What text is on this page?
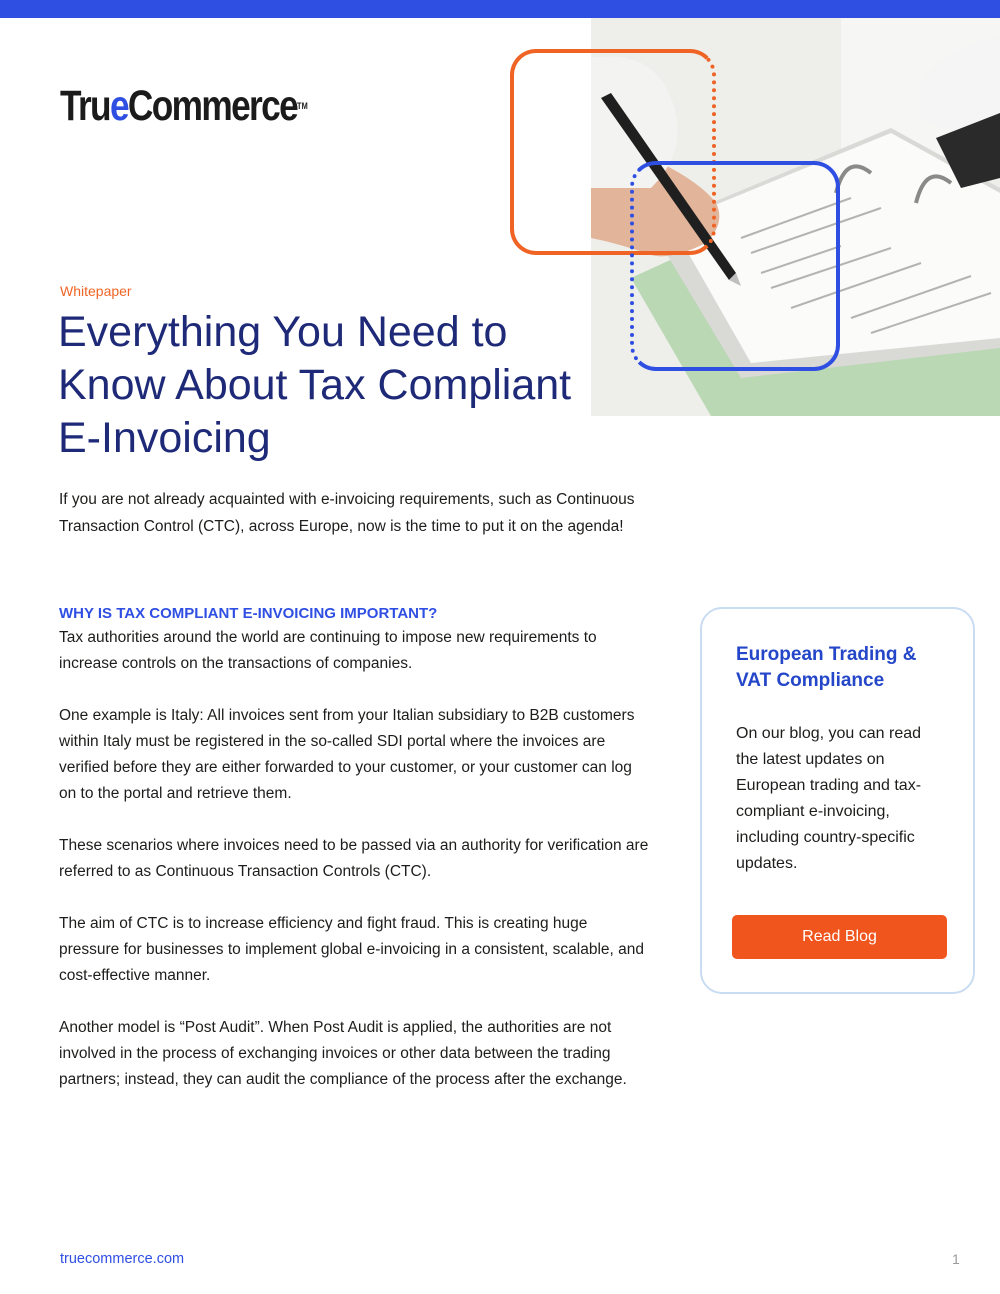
TrueCommerce™
Whitepaper
Everything You Need to Know About Tax Compliant E-Invoicing

If you are not already acquainted with e-invoicing requirements, such as Continuous Transaction Control (CTC), across Europe, now is the time to put it on the agenda!

WHY IS TAX COMPLIANT E-INVOICING IMPORTANT?

Tax authorities around the world are continuing to impose new requirements to increase controls on the transactions of companies.

One example is Italy: All invoices sent from your Italian subsidiary to B2B customers within Italy must be registered in the so-called SDI portal where the invoices are verified before they are either forwarded to your customer, or your customer can log on to the portal and retrieve them.

These scenarios where invoices need to be passed via an authority for verification are referred to as Continuous Transaction Controls (CTC).

The aim of CTC is to increase efficiency and fight fraud. This is creating huge pressure for businesses to implement global e-invoicing in a consistent, scalable, and cost-effective manner.

Another model is “Post Audit”. When Post Audit is applied, the authorities are not involved in the process of exchanging invoices or other data between the trading partners; instead, they can audit the compliance of the process after the exchange.

European Trading & VAT Compliance

On our blog, you can read the latest updates on European trading and tax-compliant e-invoicing, including country-specific updates.

Read Blog
truecommerce.com	1
